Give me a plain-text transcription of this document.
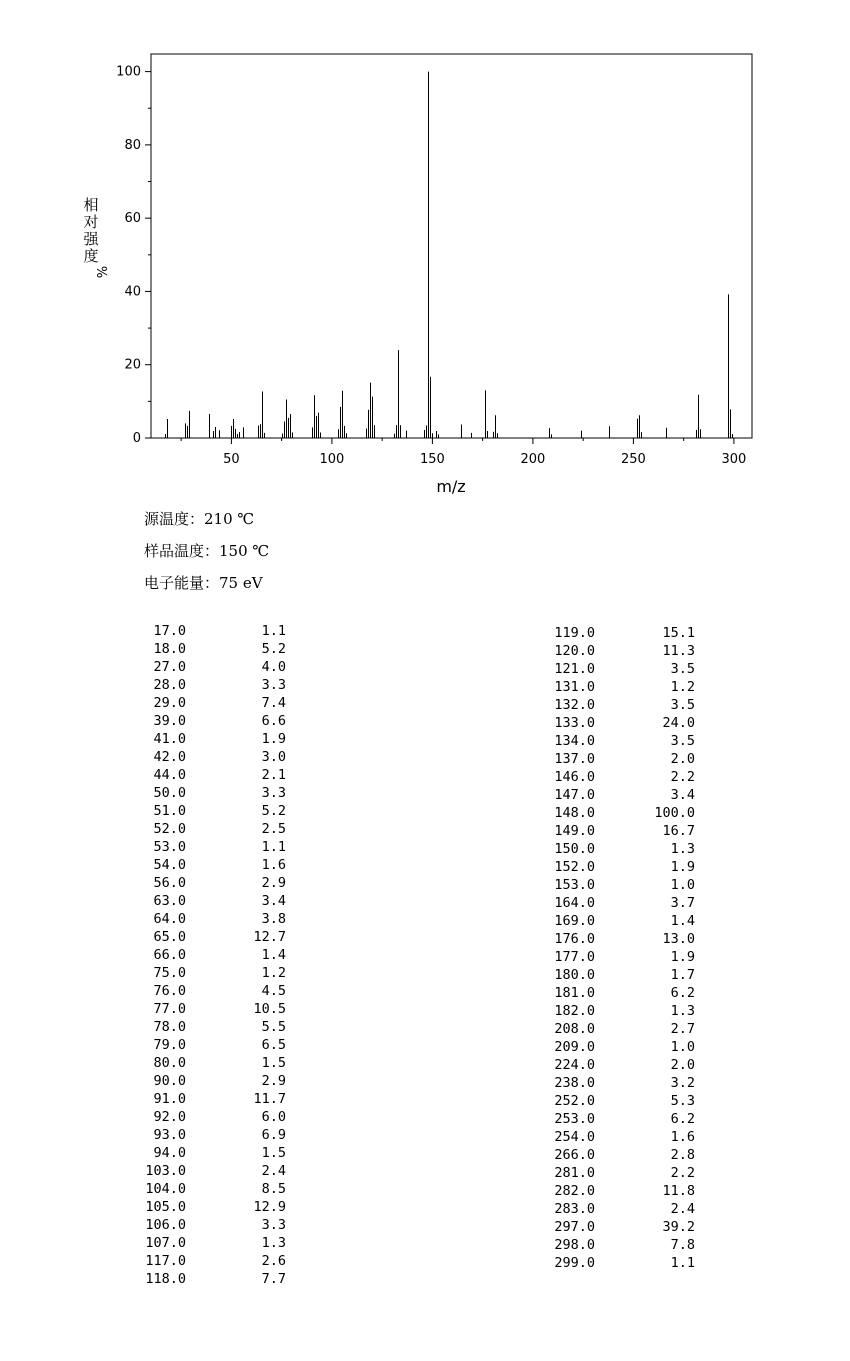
0
20
40
60
80
100
50	100	150	200	250	300
m/z
相
对
强
度
%
源温度：210 ℃
样品温度：150 ℃
电子能量：75 eV
17.0	1.1
18.0	5.2
27.0	4.0
28.0	3.3
29.0	7.4
39.0	6.6
41.0	1.9
42.0	3.0
44.0	2.1
50.0	3.3
51.0	5.2
52.0	2.5
53.0	1.1
54.0	1.6
56.0	2.9
63.0	3.4
64.0	3.8
65.0	12.7
66.0	1.4
75.0	1.2
76.0	4.5
77.0	10.5
78.0	5.5
79.0	6.5
80.0	1.5
90.0	2.9
91.0	11.7
92.0	6.0
93.0	6.9
94.0	1.5
103.0	2.4
104.0	8.5
105.0	12.9
106.0	3.3
107.0	1.3
117.0	2.6
118.0	7.7
119.0	15.1
120.0	11.3
121.0	3.5
131.0	1.2
132.0	3.5
133.0	24.0
134.0	3.5
137.0	2.0
146.0	2.2
147.0	3.4
148.0	100.0
149.0	16.7
150.0	1.3
152.0	1.9
153.0	1.0
164.0	3.7
169.0	1.4
176.0	13.0
177.0	1.9
180.0	1.7
181.0	6.2
182.0	1.3
208.0	2.7
209.0	1.0
224.0	2.0
238.0	3.2
252.0	5.3
253.0	6.2
254.0	1.6
266.0	2.8
281.0	2.2
282.0	11.8
283.0	2.4
297.0	39.2
298.0	7.8
299.0	1.1
